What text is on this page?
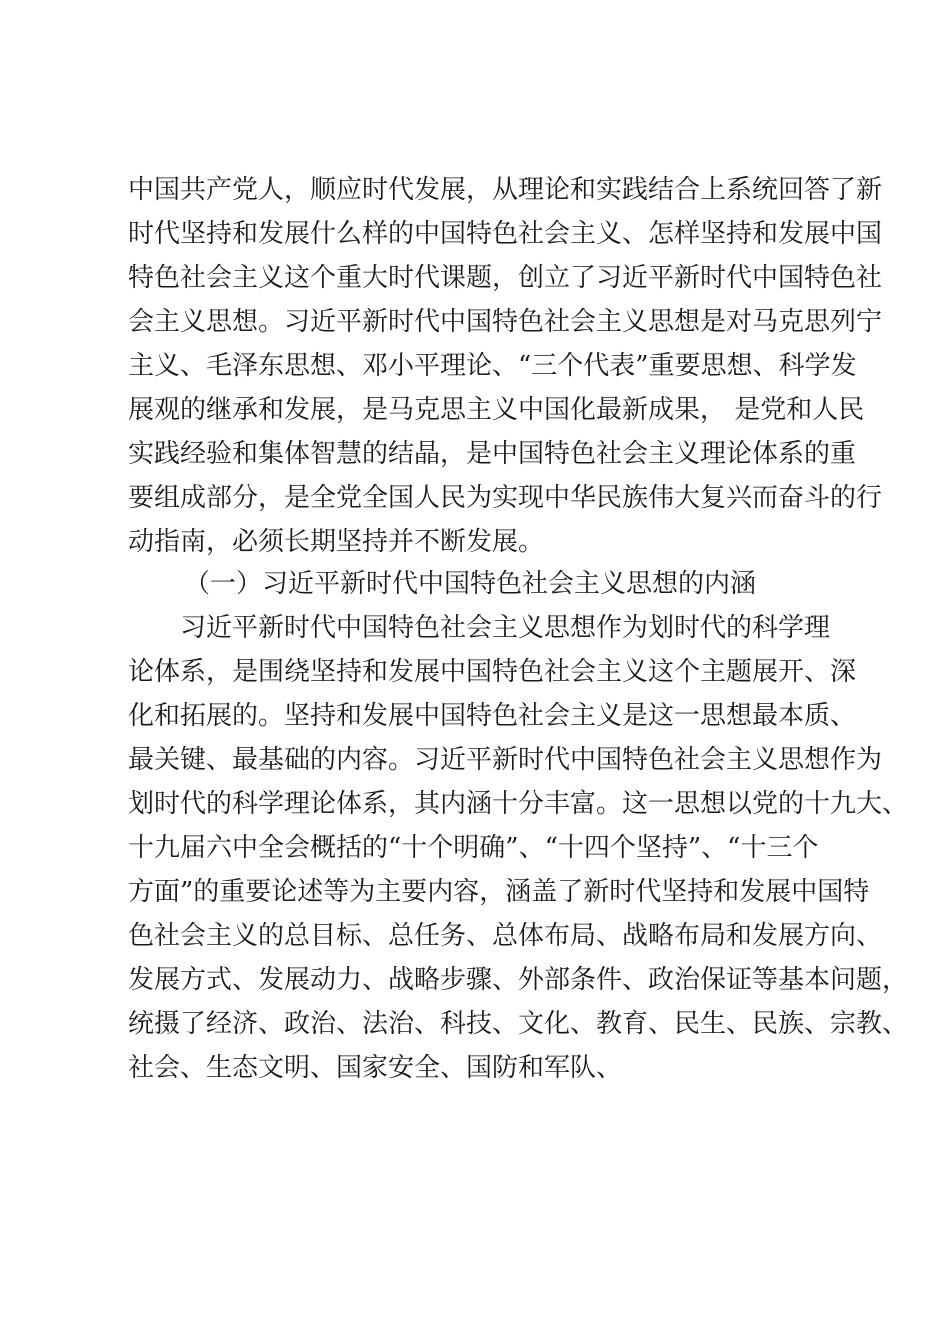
中国共产党人，顺应时代发展，从理论和实践结合上系统回答了新
时代坚持和发展什么样的中国特色社会主义、怎样坚持和发展中国
特色社会主义这个重大时代课题，创立了习近平新时代中国特色社
会主义思想。习近平新时代中国特色社会主义思想是对马克思列宁
主义、毛泽东思想、邓小平理论、“三个代表”重要思想、科学发
展观的继承和发展，是马克思主义中国化最新成果， 是党和人民
实践经验和集体智慧的结晶，是中国特色社会主义理论体系的重
要组成部分，是全党全国人民为实现中华民族伟大复兴而奋斗的行
动指南，必须长期坚持并不断发展。
（一）习近平新时代中国特色社会主义思想的内涵
习近平新时代中国特色社会主义思想作为划时代的科学理
论体系，是围绕坚持和发展中国特色社会主义这个主题展开、深
化和拓展的。坚持和发展中国特色社会主义是这一思想最本质、
最关键、最基础的内容。习近平新时代中国特色社会主义思想作为
划时代的科学理论体系，其内涵十分丰富。这一思想以党的十九大、
十九届六中全会概括的“十个明确”、“十四个坚持”、“十三个
方面”的重要论述等为主要内容，涵盖了新时代坚持和发展中国特
色社会主义的总目标、总任务、总体布局、战略布局和发展方向、
发展方式、发展动力、战略步骤、外部条件、政治保证等基本问题，
统摄了经济、政治、法治、科技、文化、教育、民生、民族、宗教、
社会、生态文明、国家安全、国防和军队、
